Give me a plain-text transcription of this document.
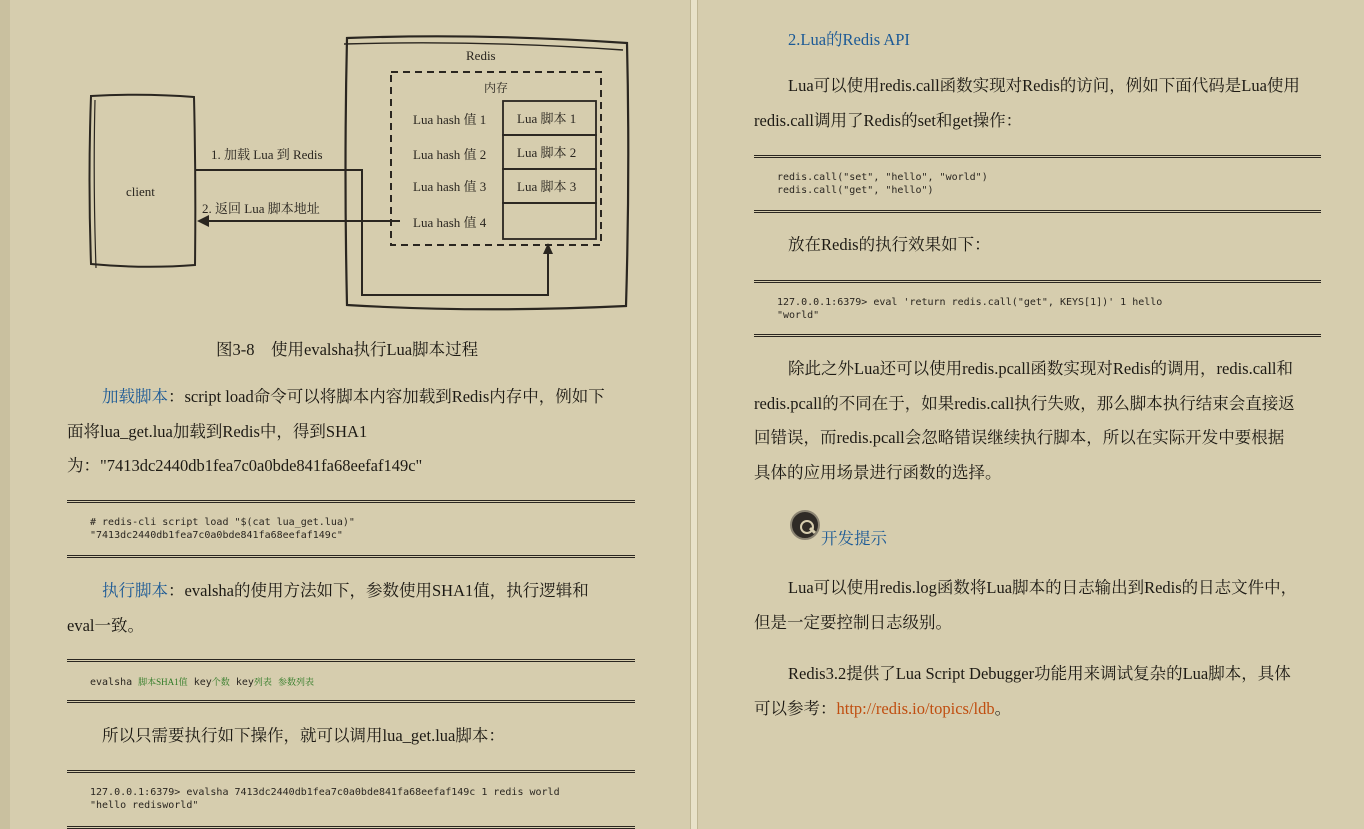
Redis
内存
Lua hash 值 1
Lua hash 值 2
Lua hash 值 3
Lua hash 值 4
Lua 脚本 1
Lua 脚本 2
Lua 脚本 3
client
1. 加载 Lua 到 Redis
2. 返回 Lua 脚本地址
图3-8　使用evalsha执行Lua脚本过程
加载脚本：script load命令可以将脚本内容加载到Redis内存中，例如下
面将lua_get.lua加载到Redis中，得到SHA1
为："7413dc2440db1fea7c0a0bde841fa68eefaf149c"
# redis-cli script load "$(cat lua_get.lua)"
"7413dc2440db1fea7c0a0bde841fa68eefaf149c"
执行脚本：evalsha的使用方法如下，参数使用SHA1值，执行逻辑和
eval一致。
evalsha 脚本SHA1值 key个数 key列表 参数列表
所以只需要执行如下操作，就可以调用lua_get.lua脚本：
127.0.0.1:6379> evalsha 7413dc2440db1fea7c0a0bde841fa68eefaf149c 1 redis world
"hello redisworld"
2.Lua的Redis API
Lua可以使用redis.call函数实现对Redis的访问，例如下面代码是Lua使用
redis.call调用了Redis的set和get操作：
redis.call("set", "hello", "world")
redis.call("get", "hello")
放在Redis的执行效果如下：
127.0.0.1:6379> eval 'return redis.call("get", KEYS[1])' 1 hello
"world"
除此之外Lua还可以使用redis.pcall函数实现对Redis的调用，redis.call和
redis.pcall的不同在于，如果redis.call执行失败，那么脚本执行结束会直接返
回错误，而redis.pcall会忽略错误继续执行脚本，所以在实际开发中要根据
具体的应用场景进行函数的选择。
开发提示
Lua可以使用redis.log函数将Lua脚本的日志输出到Redis的日志文件中，
但是一定要控制日志级别。
Redis3.2提供了Lua Script Debugger功能用来调试复杂的Lua脚本，具体
可以参考：http://redis.io/topics/ldb。
